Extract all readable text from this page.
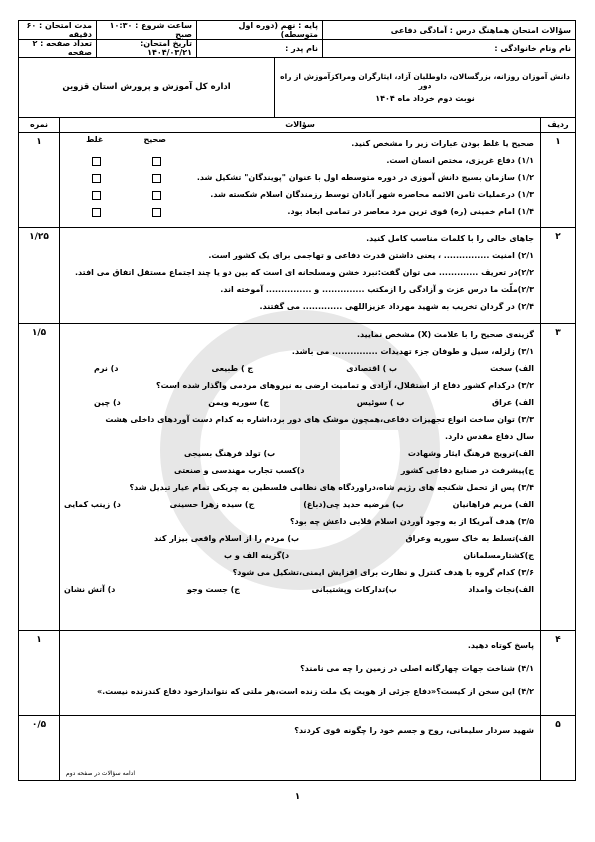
سؤالات امتحان هماهنگ درس : آمادگی دفاعی
پایه : نهم (دوره اول متوسطه)
ساعت شروع : ۱۰:۳۰ صبح
مدت امتحان : ۶۰ دقیقه
نام ونام خانوادگی :
نام پدر :
تاریخ امتحان: ۱۴۰۴/۰۳/۲۱
تعداد صفحه : ۲ صفحه
دانش آموزان روزانه، بزرگسالان، داوطلبان آزاد، ایثارگران ومراکزآموزش از راه دور
نوبت دوم خرداد ماه ۱۴۰۴
اداره کل آموزش و پرورش استان قزوین
ردیف
سؤالات
نمره
۱
صحیح یا غلط بودن عبارات زیر را مشخص کنید.
۱/۱) دفاع غریزی، مختص انسان است.
۱/۲) سازمان بسیج دانش آموزی در دوره متوسطه اول با عنوان "پویندگان" تشکیل شد.
۱/۳) درعملیات ثامن الائمه محاصره شهر آبادان توسط رزمندگان اسلام شکسته شد.
۱/۴) امام خمینی (ره) قوی ترین مرد معاصر در تمامی ابعاد بود.
صحیح
غلط
۱
۲
جاهای خالی را با کلمات مناسب کامل کنید.
۲/۱) امنیت ............... ، یعنی داشتن قدرت دفاعی و تهاجمی برای یک کشور است.
۲/۲)در تعریف ............. می توان گفت:نبرد خشن ومسلحانه ای است که بین دو یا چند اجتماع مستقل اتفاق می افتد.
۲/۳)ملّت ما درس عزت و آزادگی را ازمکتب .............. و ............... آموخته اند.
۲/۴) در گردان تخریب به شهید مهرداد عزیزاللهی ............. می گفتند.
۱/۲۵
۳
گزینه‌ی صحیح را با علامت (X) مشخص نمایید.
۳/۱) زلزله، سیل و طوفان جزء تهدیدات ............... می باشد.
الف) سخت
ب ) اقتصادی
ج ) طبیعی
د) نرم
۳/۲) درکدام کشور دفاع از استقلال، آزادی و تمامیت ارضی به نیروهای مردمی واگذار شده است؟
الف) عراق
ب ) سوئیس
ج) سوریه ویمن
د) چین
۳/۳) توان ساخت انواع تجهیزات دفاعی،همچون موشک های دور برد،اشاره به کدام دست آوردهای داخلی هشت
سال دفاع مقدس دارد.
الف)ترویج فرهنگ ایثار وشهادت
ب) تولد فرهنگ بسیجی
ج)پیشرفت در صنایع دفاعی کشور
د)کسب تجارب مهندسی و صنعتی
۳/۴) پس از تحمل شکنجه های رژیم شاه،دراوردگاه های نظامی فلسطین به چریکی تمام عیار تبدیل شد؟
الف) مریم فراهانیان
ب) مرضیه حدید چی(دباغ)
ج) سیده زهرا حسینی
د) زینب کمایی
۳/۵) هدف آمریکا از به وجود آوردن اسلام قلابی داعش چه بود؟
الف)تسلط به خاک سوریه وعراق
ب) مردم را از اسلام واقعی بیزار کند
ج)کشتارمسلمانان
د)گزینه الف و ب
۳/۶) کدام گروه با هدف کنترل و نظارت برای افزایش ایمنی،تشکیل می شود؟
الف)نجات وامداد
ب)تدارکات وپشتیبانی
ج) جست وجو
د) آتش نشان
۱/۵
۴
پاسخ کوتاه دهید.
۴/۱) شناخت جهات چهارگانه اصلی در زمین را چه می نامند؟
۴/۲) این سخن از کیست؟«دفاع جزئی از هویت یک ملت زنده است،هر ملتی که نتواندازخود دفاع کندزنده نیست.»
۱
۵
شهید سردار سلیمانی، روح و جسم خود را چگونه قوی کردند؟
ادامه سؤالات در صفحه دوم
۰/۵
۱
